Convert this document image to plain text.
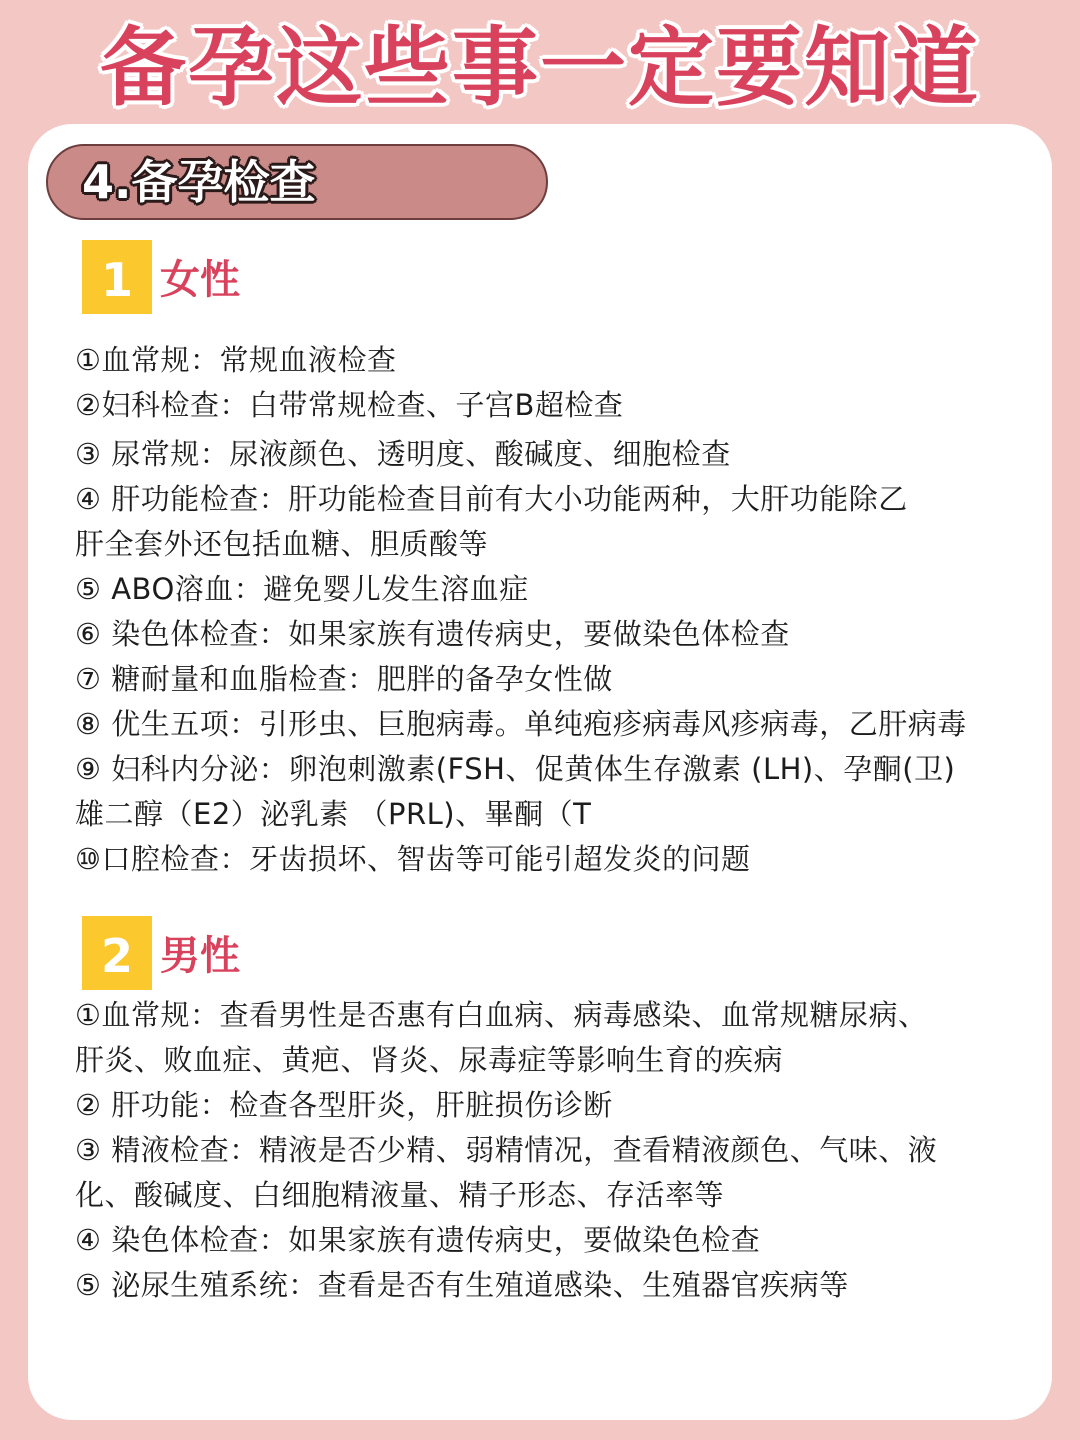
备孕这些事一定要知道
4.备孕检查
1 女性
①血常规：常规血液检查
②妇科检查：白带常规检查、子宫B超检查
③ 尿常规：尿液颜色、透明度、酸碱度、细胞检查
④ 肝功能检查：肝功能检查目前有大小功能两种，大肝功能除乙
肝全套外还包括血糖、胆质酸等
⑤ ABO溶血：避免婴儿发生溶血症
⑥ 染色体检查：如果家族有遗传病史，要做染色体检查
⑦ 糖耐量和血脂检查：肥胖的备孕女性做
⑧ 优生五项：引形虫、巨胞病毒。单纯疱疹病毒风疹病毒，乙肝病毒
⑨ 妇科内分泌：卵泡刺激素(FSH、促黄体生存激素 (LH)、孕酮(卫)
雄二醇（E2）泌乳素 （PRL)、畢酮（T
⑩口腔检查：牙齿损坏、智齿等可能引超发炎的问题
2 男性
①血常规：查看男性是否惠有白血病、病毒感染、血常规糖尿病、
肝炎、败血症、黄疤、肾炎、尿毒症等影响生育的疾病
② 肝功能：检查各型肝炎，肝脏损伤诊断
③ 精液检查：精液是否少精、弱精情况，查看精液颜色、气味、液
化、酸碱度、白细胞精液量、精子形态、存活率等
④ 染色体检查：如果家族有遗传病史，要做染色检查
⑤ 泌尿生殖系统：查看是否有生殖道感染、生殖器官疾病等
